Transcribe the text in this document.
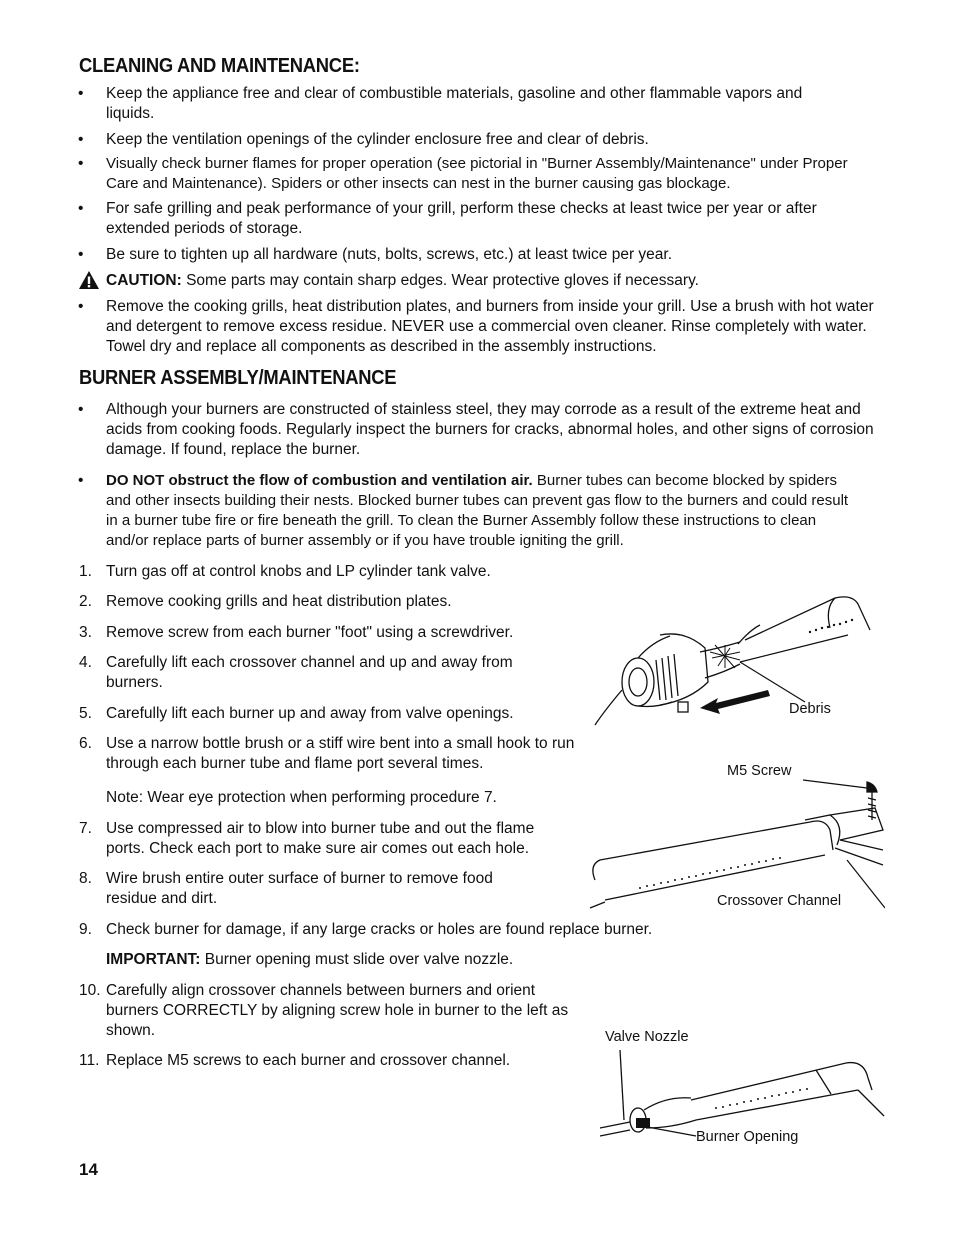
CLEANING AND MAINTENANCE:
• Keep the appliance free and clear of combustible materials, gasoline and other flammable vapors and liquids.

• Keep the ventilation openings of the cylinder enclosure free and clear of debris.

• Visually check burner flames for proper operation (see pictorial in "Burner Assembly/Maintenance" under Proper Care and Maintenance). Spiders or other insects can nest in the burner causing gas blockage.

• For safe grilling and peak performance of your grill, perform these checks at least twice per year or after extended periods of storage.

• Be sure to tighten up all hardware (nuts, bolts, screws, etc.) at least twice per year.

CAUTION: Some parts may contain sharp edges. Wear protective gloves if necessary.

• Remove the cooking grills, heat distribution plates, and burners from inside your grill. Use a brush with hot water and detergent to remove excess residue. NEVER use a commercial oven cleaner. Rinse completely with water. Towel dry and replace all components as described in the assembly instructions.

BURNER ASSEMBLY/MAINTENANCE
• Although your burners are constructed of stainless steel, they may corrode as a result of the extreme heat and acids from cooking foods. Regularly inspect the burners for cracks, abnormal holes, and other signs of corrosion damage. If found, replace the burner.

• DO NOT obstruct the flow of combustion and ventilation air. Burner tubes can become blocked by spiders and other insects building their nests. Blocked burner tubes can prevent gas flow to the burners and could result in a burner tube fire or fire beneath the grill. To clean the Burner Assembly follow these instructions to clean and/or replace parts of burner assembly or if you have trouble igniting the grill.

1. Turn gas off at control knobs and LP cylinder tank valve.

2. Remove cooking grills and heat distribution plates.

3. Remove screw from each burner "foot" using a screwdriver.

4. Carefully lift each crossover channel and up and away from burners.

5. Carefully lift each burner up and away from valve openings.

6. Use a narrow bottle brush or a stiff wire bent into a small hook to run through each burner tube and flame port several times.

Note: Wear eye protection when performing procedure 7.

7. Use compressed air to blow into burner tube and out the flame ports. Check each port to make sure air comes out each hole.

8. Wire brush entire outer surface of burner to remove food residue and dirt.

9. Check burner for damage, if any large cracks or holes are found replace burner.

IMPORTANT: Burner opening must slide over valve nozzle.

10. Carefully align crossover channels between burners and orient burners CORRECTLY by aligning screw hole in burner to the left as shown.

11. Replace M5 screws to each burner and crossover channel.

Debris
M5 Screw
Crossover Channel
Valve Nozzle
Burner Opening
14
